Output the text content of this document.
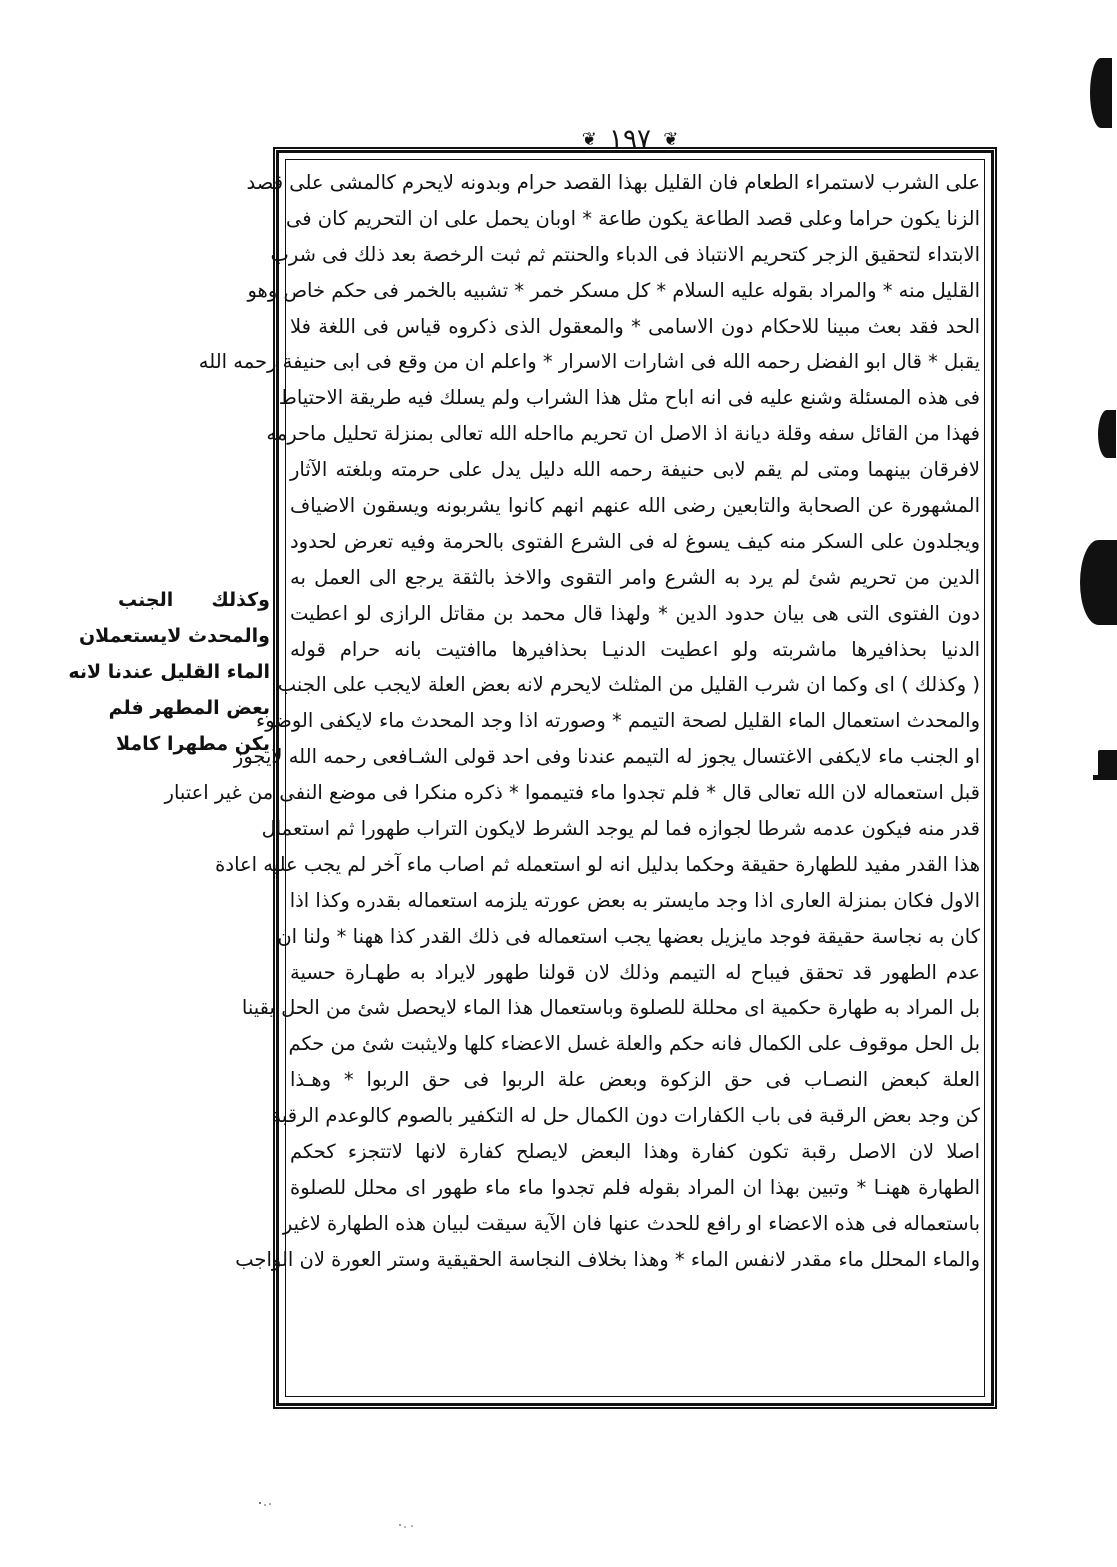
❦ ١٩٧ ❦
على الشرب لاستمراء الطعام فان القليل بهذا القصد حرام وبدونه لايحرم كالمشى على قصد
الزنا يكون حراما وعلى قصد الطاعة يكون طاعة * اوبان يحمل على ان التحريم كان فى
الابتداء لتحقيق الزجر كتحريم الانتباذ فى الدباء والحنتم ثم ثبت الرخصة بعد ذلك فى شرب
القليل منه * والمراد بقوله عليه السلام * كل مسكر خمر * تشبيه بالخمر فى حكم خاص وهو
الحد فقد بعث مبينا للاحكام دون الاسامى * والمعقول الذى ذكروه قياس فى اللغة فلا
يقبل * قال ابو الفضل رحمه الله فى اشارات الاسرار * واعلم ان من وقع فى ابى حنيفة رحمه الله
فى هذه المسئلة وشنع عليه فى انه اباح مثل هذا الشراب ولم يسلك فيه طريقة الاحتياط
فهذا من القائل سفه وقلة ديانة اذ الاصل ان تحريم مااحله الله تعالى بمنزلة تحليل ماحرمه
لافرقان بينهما ومتى لم يقم لابى حنيفة رحمه الله دليل يدل على حرمته وبلغته الآثار
المشهورة عن الصحابة والتابعين رضى الله عنهم انهم كانوا يشربونه ويسقون الاضياف
ويجلدون على السكر منه كيف يسوغ له فى الشرع الفتوى بالحرمة وفيه تعرض لحدود
الدين من تحريم شئ لم يرد به الشرع وامر التقوى والاخذ بالثقة يرجع الى العمل به
دون الفتوى التى هى بيان حدود الدين * ولهذا قال محمد بن مقاتل الرازى لو اعطيت
الدنيا بحذافيرها ماشربته ولو اعطيت الدنيـا بحذافيرها ماافتيت بانه حرام قوله
( وكذلك ) اى وكما ان شرب القليل من المثلث لايحرم لانه بعض العلة لايجب على الجنب
والمحدث استعمال الماء القليل لصحة التيمم * وصورته اذا وجد المحدث ماء لايكفى الوضوء
او الجنب ماء لايكفى الاغتسال يجوز له التيمم عندنا وفى احد قولى الشـافعى رحمه الله لايجوز
قبل استعماله لان الله تعالى قال * فلم تجدوا ماء فتيمموا * ذكره منكرا فى موضع النفى من غير اعتبار
قدر منه فيكون عدمه شرطا لجوازه فما لم يوجد الشرط لايكون التراب طهورا ثم استعمال
هذا القدر مفيد للطهارة حقيقة وحكما بدليل انه لو استعمله ثم اصاب ماء آخر لم يجب عليه اعادة
الاول فكان بمنزلة العارى اذا وجد مايستر به بعض عورته يلزمه استعماله بقدره وكذا اذا
كان به نجاسة حقيقة فوجد مايزيل بعضها يجب استعماله فى ذلك القدر كذا ههنا * ولنا ان
عدم الطهور قد تحقق فيباح له التيمم وذلك لان قولنا طهور لايراد به طهـارة حسية
بل المراد به طهارة حكمية اى محللة للصلوة وباستعمال هذا الماء لايحصل شئ من الحل يقينا
بل الحل موقوف على الكمال فانه حكم والعلة غسل الاعضاء كلها ولايثبت شئ من حكم
العلة كبعض النصـاب فى حق الزكوة وبعض علة الربوا فى حق الربوا * وهـذا
كن وجد بعض الرقبة فى باب الكفارات دون الكمال حل له التكفير بالصوم كالوعدم الرقبة
اصلا لان الاصل رقبة تكون كفارة وهذا البعض لايصلح كفارة لانها لاتتجزء كحكم
الطهارة ههنـا * وتبين بهذا ان المراد بقوله فلم تجدوا ماء ماء طهور اى محلل للصلوة
باستعماله فى هذه الاعضاء او رافع للحدث عنها فان الآية سيقت لبيان هذه الطهارة لاغير
والماء المحلل ماء مقدر لانفس الماء * وهذا بخلاف النجاسة الحقيقية وستر العورة لان الواجب
وكذلك الجنب
والمحدث لايستعملان
الماء القليل عندنا لانه
بعض المطهر فلم
يكن مطهرا كاملا
